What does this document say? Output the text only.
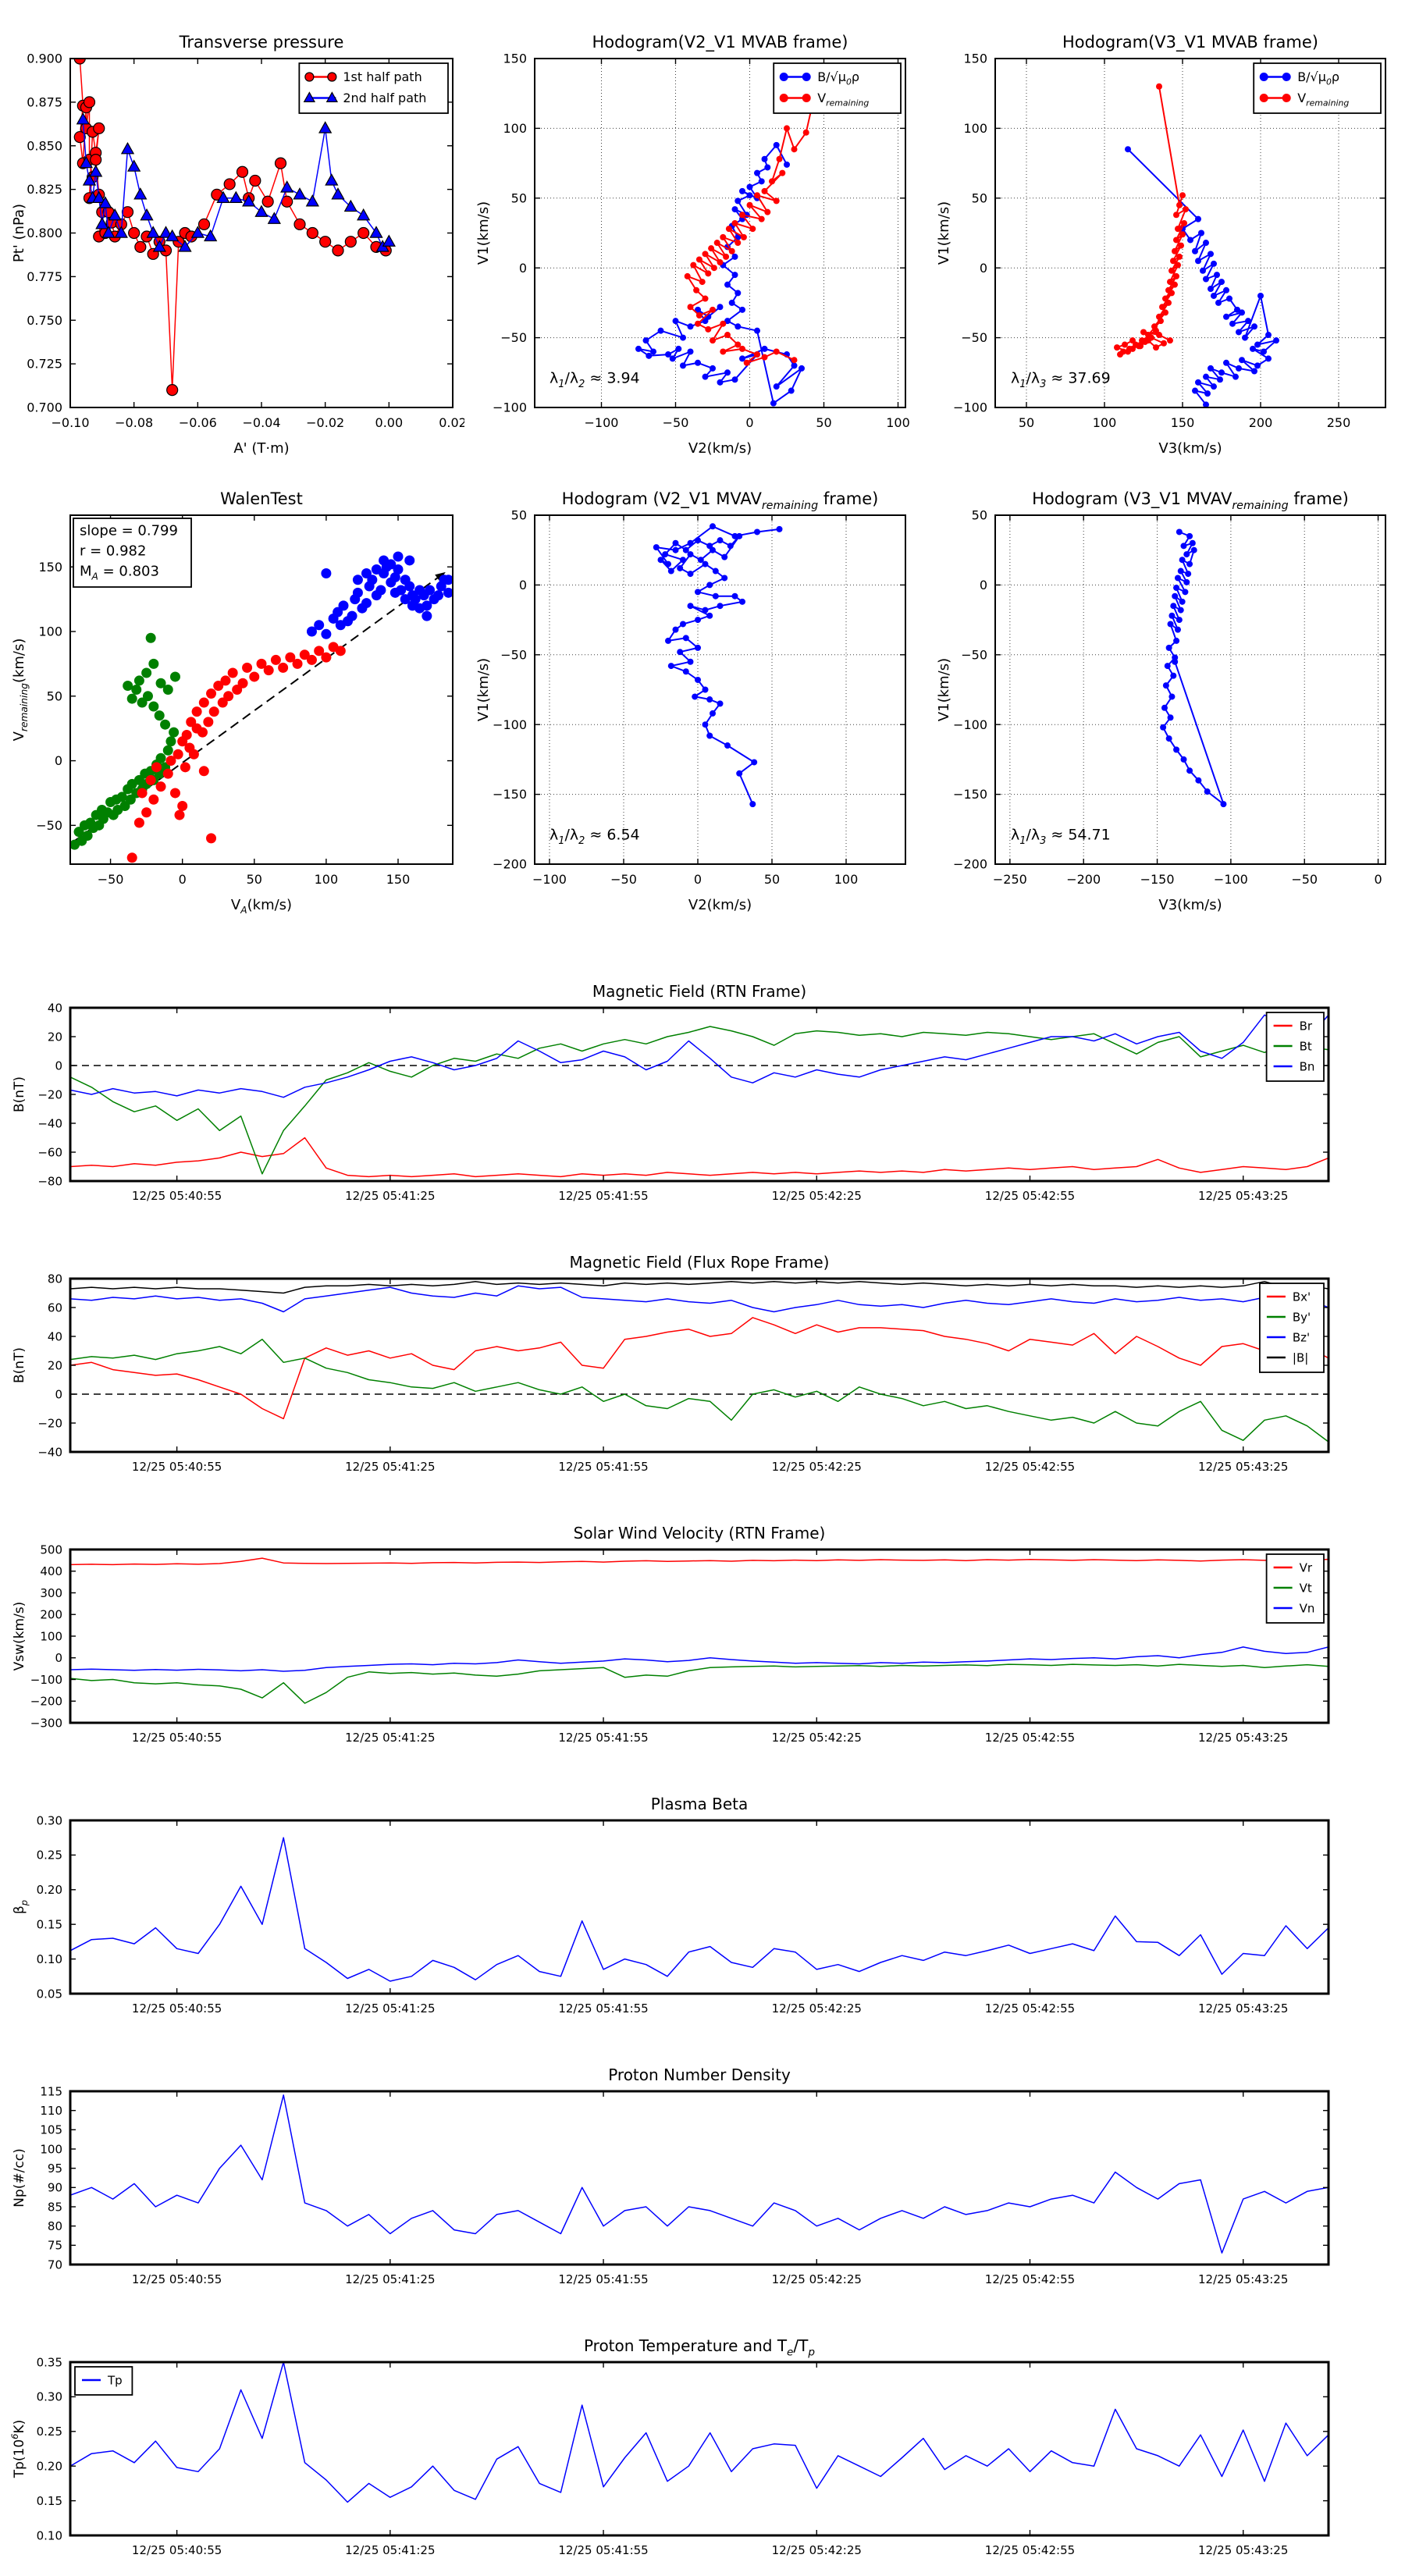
−0.10 −0.08 −0.06 −0.04 −0.02 0.00	0.02
0.700
0.725
0.750
0.775
0.800
0.825
0.850
0.875
0.900
Transverse pressure
A' (T·m)
Pt' (nPa)
1st half path
2nd half path
−100	−50	0	50	100
−100
−50
0
50
100
150
Hodogram(V2_V1 MVAB frame)
V2(km/s)
V1(km/s)
$\lambda_1/\lambda_2 \approx 3.94$
$B/√\mu_0\rho$
$V_{remaining}$
50	100	150	200	250
−100
−50
0
50
100
150
Hodogram(V3_V1 MVAB frame)
V3(km/s)
V1(km/s)
$\lambda_1/\lambda_3 \approx 37.69$
$B/√\mu_0\rho$
$V_{remaining}$
−50	0	50	100	150
−50
0
50
100
150
WalenTest
$V_A(km/s)$
$V_{remaining}(km/s)$
slope = 0.799
r = 0.982
$M_A = 0.803$
−100	−50	0	50	100
−200
−150
−100
−50
0
50
Hodogram (V2_V1 $MVAV_{remaining}$ frame)
V2(km/s)
V1(km/s)
$\lambda_1/\lambda_2 \approx 6.54$
−250	−200	−150	−100	−50	0
−200
−150
−100
−50
0
50
Hodogram (V3_V1 $MVAV_{remaining}$ frame)
V3(km/s)
V1(km/s)
$\lambda_1/\lambda_3 \approx 54.71$
12/25 05:40:55	12/25 05:41:25	12/25 05:41:55	12/25 05:42:25	12/25 05:42:55	12/25 05:43:25
−80
−60
−40
−20
0
20
40
Magnetic Field (RTN Frame)
B(nT)
Br
Bt
Bn
12/25 05:40:55	12/25 05:41:25	12/25 05:41:55	12/25 05:42:25	12/25 05:42:55	12/25 05:43:25
−40
−20
0
20
40
60
80
Magnetic Field (Flux Rope Frame)
B(nT)
Bx'
By'
Bz'
|B|
12/25 05:40:55	12/25 05:41:25	12/25 05:41:55	12/25 05:42:25	12/25 05:42:55	12/25 05:43:25
−300
−200
−100
0
100
200
300
400
500
Solar Wind Velocity (RTN Frame)
Vsw(km/s)
Vr
Vt
Vn
12/25 05:40:55	12/25 05:41:25	12/25 05:41:55	12/25 05:42:25	12/25 05:42:55	12/25 05:43:25
0.05
0.10
0.15
0.20
0.25
0.30
Plasma Beta
$\beta_p$
12/25 05:40:55	12/25 05:41:25	12/25 05:41:55	12/25 05:42:25	12/25 05:42:55	12/25 05:43:25
70
75
80
85
90
95
100
105
110
115
Proton Number Density
Np(#/cc)
12/25 05:40:55	12/25 05:41:25	12/25 05:41:55	12/25 05:42:25	12/25 05:42:55	12/25 05:43:25
0.10
0.15
0.20
0.25
0.30
0.35
Proton Temperature and $T_e/T_p$
$Tp(10^6K)$
Tp
